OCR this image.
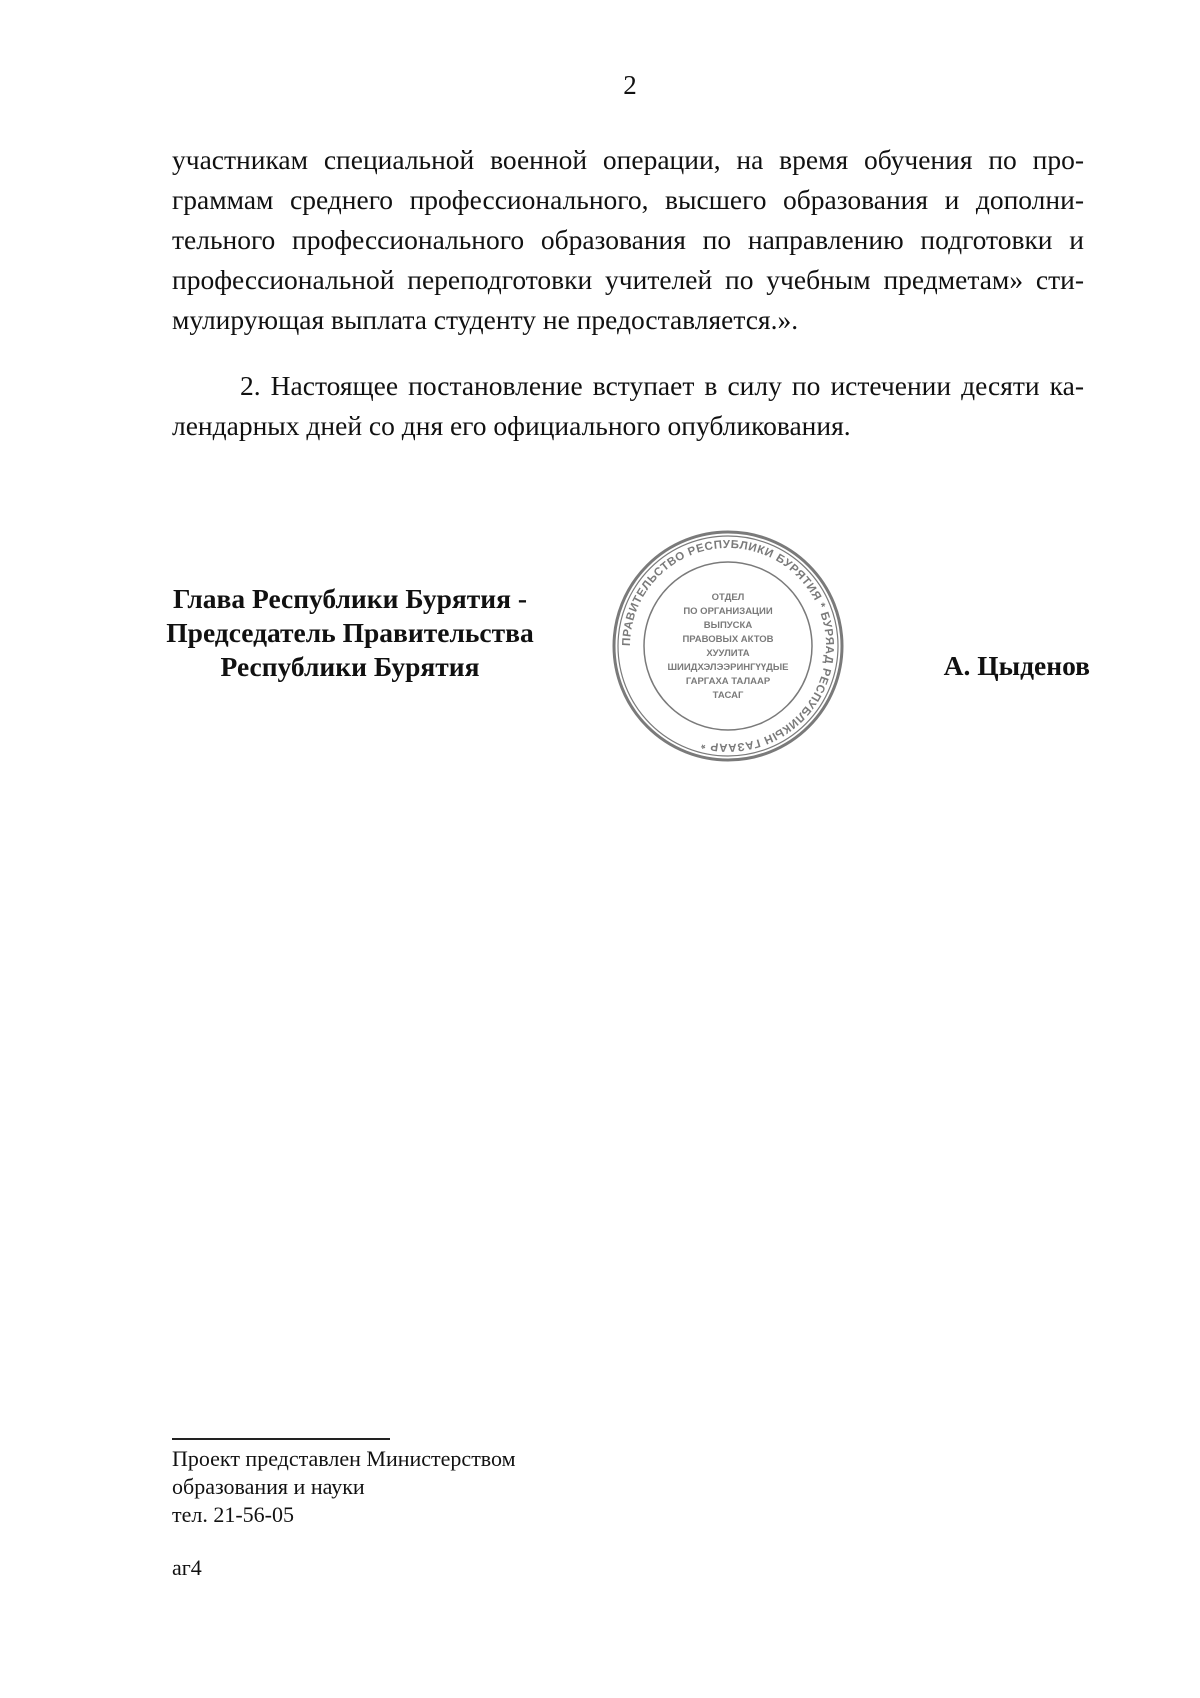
2
участникам специальной военной операции, на время обучения по про-
граммам среднего профессионального, высшего образования и дополни-
тельного профессионального образования по направлению подготовки и
профессиональной переподготовки учителей по учебным предметам» сти-
мулирующая выплата студенту не предоставляется.».
2. Настоящее постановление вступает в силу по истечении десяти ка-
лендарных дней со дня его официального опубликования.
Глава Республики Бурятия -
Председатель Правительства
Республики Бурятия
ПРАВИТЕЛЬСТВО РЕСПУБЛИКИ БУРЯТИЯ * БУРЯАД РЕСПУБЛИКЫН ГАЗААР *
ОТДЕЛ
ПО ОРГАНИЗАЦИИ
ВЫПУСКА
ПРАВОВЫХ АКТОВ
ХУУЛИТА
ШИИДХЭЛЭЭРИНГҮҮДЫЕ
ГАРГАХА ТАЛААР
ТАСАГ
А. Цыденов
Проект представлен Министерством
образования и науки
тел. 21-56-05
аг4
